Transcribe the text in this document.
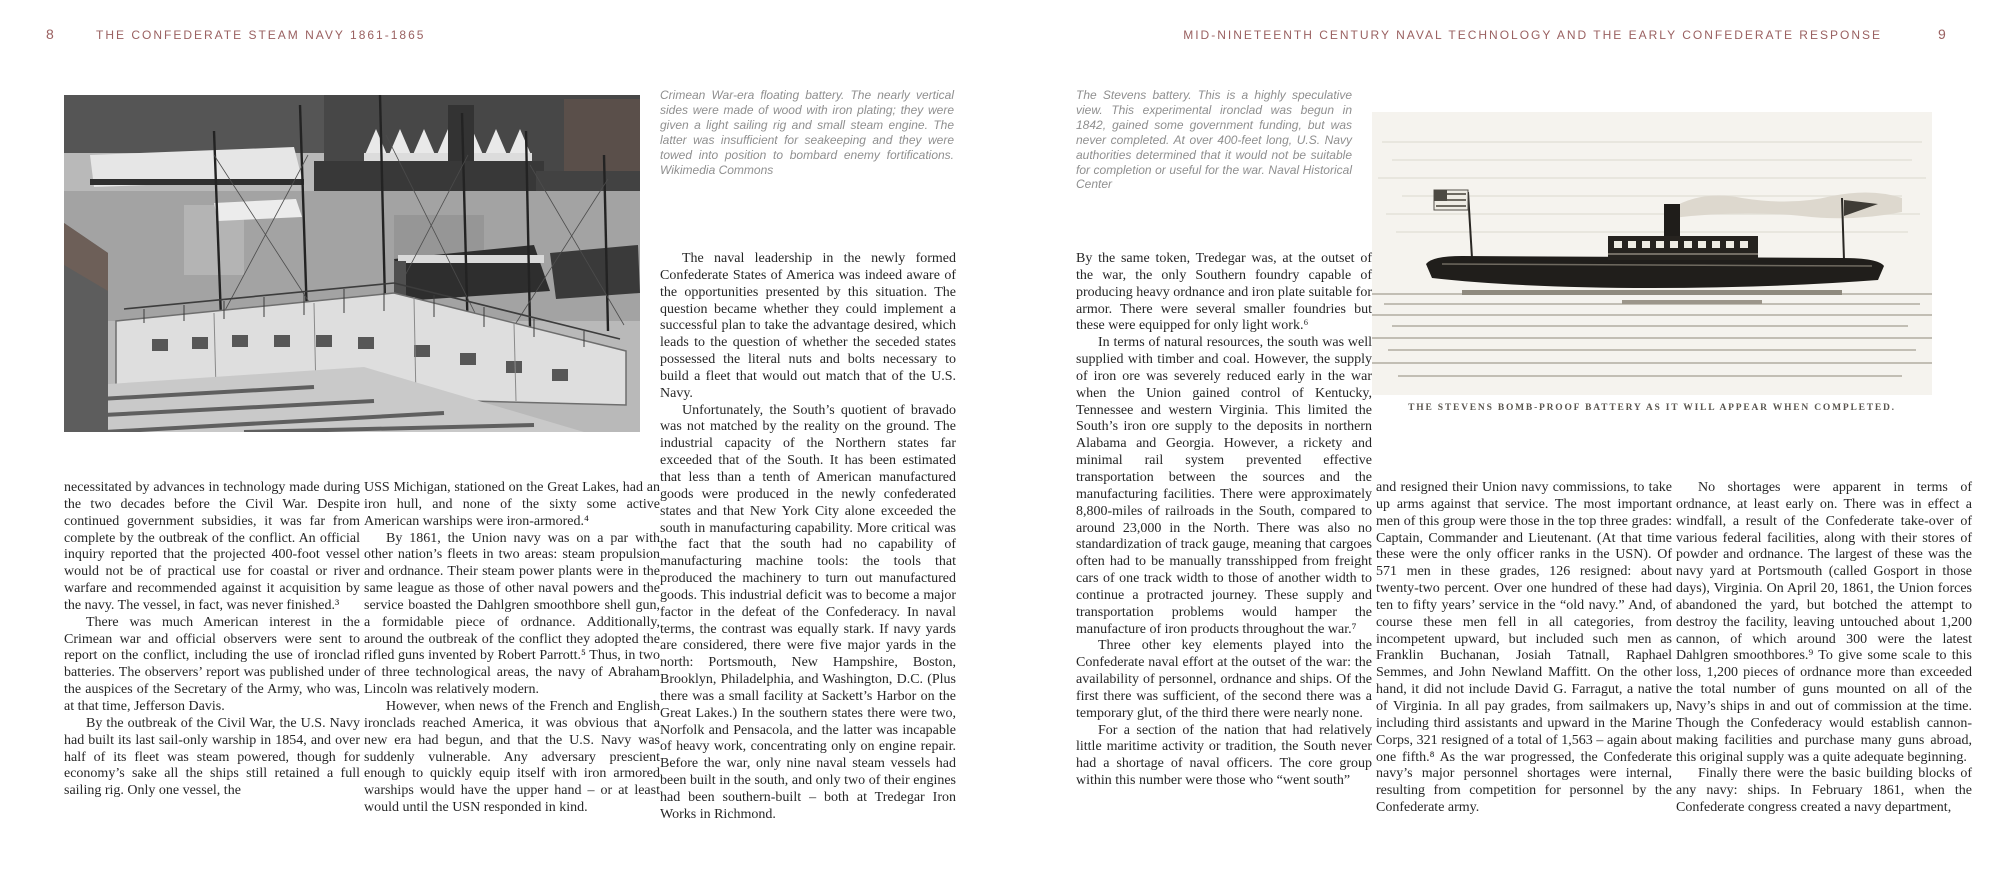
8	THE CONFEDERATE STEAM NAVY 1861-1865	MID-NINETEENTH CENTURY NAVAL TECHNOLOGY AND THE EARLY CONFEDERATE RESPONSE	9
Crimean War-era floating battery. The nearly vertical sides were made of wood with iron plating; they were given a light sailing rig and small steam engine. The latter was insufficient for seakeeping and they were towed into position to bombard enemy fortifications. Wikimedia Commons

necessitated by advances in technology made during the two decades before the Civil War. Despite continued government subsidies, it was far from complete by the outbreak of the conflict. An official inquiry reported that the projected 400-foot vessel would not be of practical use for coastal or river warfare and recommended against it acquisition by the navy. The vessel, in fact, was never finished.³

There was much American interest in the Crimean war and official observers were sent to report on the conflict, including the use of ironclad batteries. The observers’ report was published under the auspices of the Secretary of the Army, who was, at that time, Jefferson Davis.

By the outbreak of the Civil War, the U.S. Navy had built its last sail-only warship in 1854, and over half of its fleet was steam powered, though for economy’s sake all the ships still retained a full sailing rig. Only one vessel, the

USS Michigan, stationed on the Great Lakes, had an iron hull, and none of the sixty some active American warships were iron-armored.⁴

By 1861, the Union navy was on a par with other nation’s fleets in two areas: steam propulsion and ordnance. Their steam power plants were in the same league as those of other naval powers and the service boasted the Dahlgren smoothbore shell gun, a formidable piece of ordnance. Additionally, around the outbreak of the conflict they adopted the rifled guns invented by Robert Parrott.⁵ Thus, in two of three technological areas, the navy of Abraham Lincoln was relatively modern.

However, when news of the French and English ironclads reached America, it was obvious that a new era had begun, and that the U.S. Navy was suddenly vulnerable. Any adversary prescient enough to quickly equip itself with iron armored warships would have the upper hand – or at least would until the USN responded in kind.

The naval leadership in the newly formed Confederate States of America was indeed aware of the opportunities presented by this situation. The question became whether they could implement a successful plan to take the advantage desired, which leads to the question of whether the seceded states possessed the literal nuts and bolts necessary to build a fleet that would out match that of the U.S. Navy.

Unfortunately, the South’s quotient of bravado was not matched by the reality on the ground. The industrial capacity of the Northern states far exceeded that of the South. It has been estimated that less than a tenth of American manufactured goods were produced in the newly confederated states and that New York City alone exceeded the south in manufacturing capability. More critical was the fact that the south had no capability of manufacturing machine tools: the tools that produced the machinery to turn out manufactured goods. This industrial deficit was to become a major factor in the defeat of the Confederacy. In naval terms, the contrast was equally stark. If navy yards are considered, there were five major yards in the north: Portsmouth, New Hampshire, Boston, Brooklyn, Philadelphia, and Washington, D.C. (Plus there was a small facility at Sackett’s Harbor on the Great Lakes.) In the southern states there were two, Norfolk and Pensacola, and the latter was incapable of heavy work, concentrating only on engine repair. Before the war, only nine naval steam vessels had been built in the south, and only two of their engines had been southern-built – both at Tredegar Iron Works in Richmond.

The Stevens battery. This is a highly speculative view. This experimental ironclad was begun in 1842, gained some government funding, but was never completed. At over 400-feet long, U.S. Navy authorities determined that it would not be suitable for completion or useful for the war. Naval Historical Center
THE STEVENS BOMB-PROOF BATTERY AS IT WILL APPEAR WHEN COMPLETED.

By the same token, Tredegar was, at the outset of the war, the only Southern foundry capable of producing heavy ordnance and iron plate suitable for armor. There were several smaller foundries but these were equipped for only light work.⁶

In terms of natural resources, the south was well supplied with timber and coal. However, the supply of iron ore was severely reduced early in the war when the Union gained control of Kentucky, Tennessee and western Virginia. This limited the South’s iron ore supply to the deposits in northern Alabama and Georgia. However, a rickety and minimal rail system prevented effective transportation between the sources and the manufacturing facilities. There were approximately 8,800-miles of railroads in the South, compared to around 23,000 in the North. There was also no standardization of track gauge, meaning that cargoes often had to be manually transshipped from freight cars of one track width to those of another width to continue a protracted journey. These supply and transportation problems would hamper the manufacture of iron products throughout the war.⁷

Three other key elements played into the Confederate naval effort at the outset of the war: the availability of personnel, ordnance and ships. Of the first there was sufficient, of the second there was a temporary glut, of the third there were nearly none.

For a section of the nation that had relatively little maritime activity or tradition, the South never had a shortage of naval officers. The core group within this number were those who “went south”

and resigned their Union navy commissions, to take up arms against that service. The most important men of this group were those in the top three grades: Captain, Commander and Lieutenant. (At that time these were the only officer ranks in the USN). Of 571 men in these grades, 126 resigned: about twenty-two percent. Over one hundred of these had ten to fifty years’ service in the “old navy.” And, of course these men fell in all categories, from incompetent upward, but included such men as Franklin Buchanan, Josiah Tatnall, Raphael Semmes, and John Newland Maffitt. On the other hand, it did not include David G. Farragut, a native of Virginia. In all pay grades, from sailmakers up, including third assistants and upward in the Marine Corps, 321 resigned of a total of 1,563 – again about one fifth.⁸ As the war progressed, the Confederate navy’s major personnel shortages were internal, resulting from competition for personnel by the Confederate army.

No shortages were apparent in terms of ordnance, at least early on. There was in effect a windfall, a result of the Confederate take-over of various federal facilities, along with their stores of powder and ordnance. The largest of these was the navy yard at Portsmouth (called Gosport in those days), Virginia. On April 20, 1861, the Union forces abandoned the yard, but botched the attempt to destroy the facility, leaving untouched about 1,200 cannon, of which around 300 were the latest Dahlgren smoothbores.⁹ To give some scale to this loss, 1,200 pieces of ordnance more than exceeded the total number of guns mounted on all of the Navy’s ships in and out of commission at the time. Though the Confederacy would establish cannon-making facilities and purchase many guns abroad, this original supply was a quite adequate beginning.

Finally there were the basic building blocks of any navy: ships. In February 1861, when the Confederate congress created a navy department,
